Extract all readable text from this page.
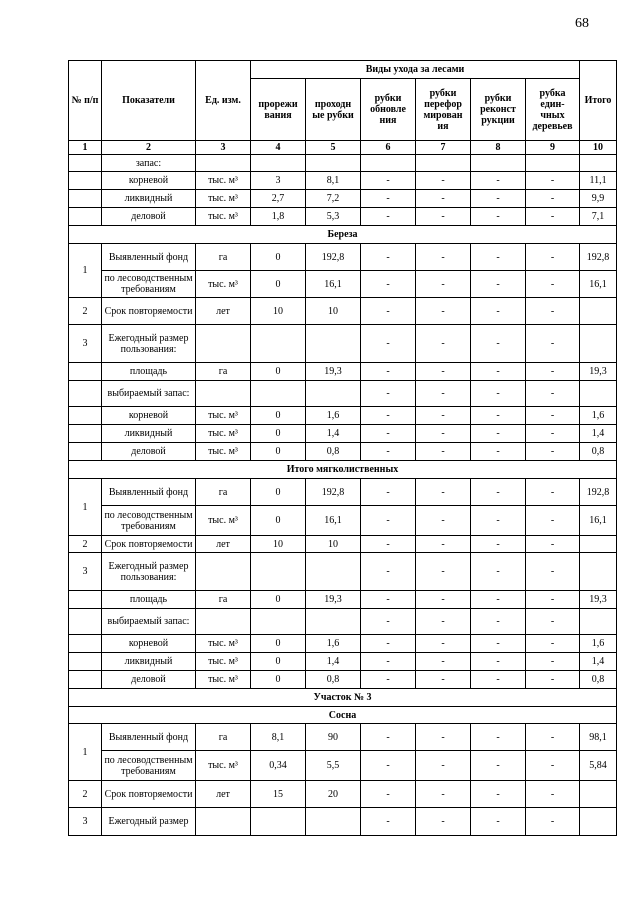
68
№ п/п	Показатели	Ед. изм.	Виды ухода за лесами						Итого
			прорежи вания	проходн ые рубки	рубки обновле ния	рубки перефор мирован ия	рубки реконст рукции	рубка един- чных деревьев	
1	2	3	4	5	6	7	8	9	10
	запас:								
	корневой	тыс. м³	3	8,1	-	-	-	-	11,1
	ликвидный	тыс. м³	2,7	7,2	-	-	-	-	9,9
	деловой	тыс. м³	1,8	5,3	-	-	-	-	7,1
Береза									
1	Выявленный фонд	га	0	192,8	-	-	-	-	192,8
	по лесоводственным требованиям	тыс. м³	0	16,1	-	-	-	-	16,1
2	Срок повторяемости	лет	10	10	-	-	-	-	
3	Ежегодный размер пользования:				-	-	-	-	
	площадь	га	0	19,3	-	-	-	-	19,3
	выбираемый запас:				-	-	-	-	
	корневой	тыс. м³	0	1,6	-	-	-	-	1,6
	ликвидный	тыс. м³	0	1,4	-	-	-	-	1,4
	деловой	тыс. м³	0	0,8	-	-	-	-	0,8
Итого мягколиственных									
1	Выявленный фонд	га	0	192,8	-	-	-	-	192,8
	по лесоводственным требованиям	тыс. м³	0	16,1	-	-	-	-	16,1
2	Срок повторяемости	лет	10	10	-	-	-	-	
3	Ежегодный размер пользования:				-	-	-	-	
	площадь	га	0	19,3	-	-	-	-	19,3
	выбираемый запас:				-	-	-	-	
	корневой	тыс. м³	0	1,6	-	-	-	-	1,6
	ликвидный	тыс. м³	0	1,4	-	-	-	-	1,4
	деловой	тыс. м³	0	0,8	-	-	-	-	0,8
Участок № 3									
Сосна									
1	Выявленный фонд	га	8,1	90	-	-	-	-	98,1
	по лесоводственным требованиям	тыс. м³	0,34	5,5	-	-	-	-	5,84
2	Срок повторяемости	лет	15	20	-	-	-	-	
3	Ежегодный размер				-	-	-	-	
